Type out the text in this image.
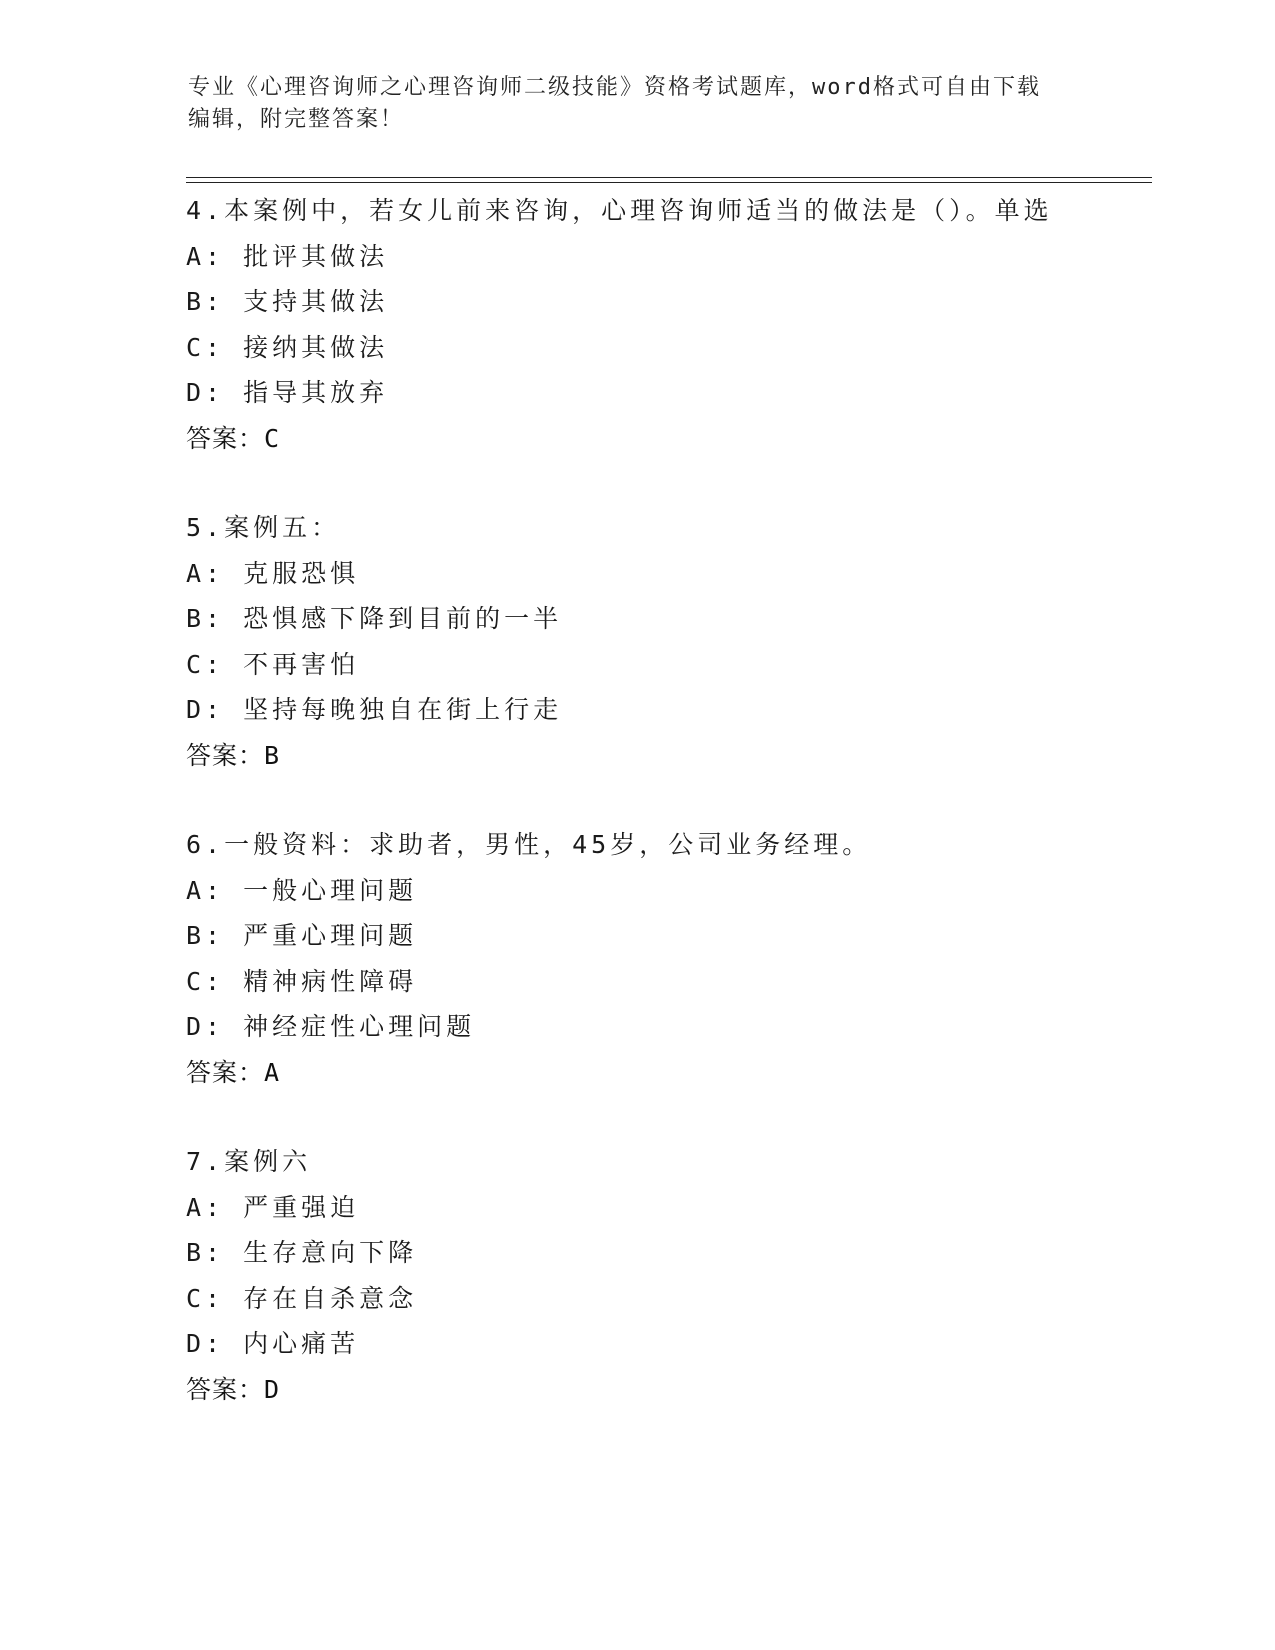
专业《心理咨询师之心理咨询师二级技能》资格考试题库，word格式可自由下载
编辑，附完整答案！
4.本案例中，若女儿前来咨询，心理咨询师适当的做法是（）。单选
A: 批评其做法
B: 支持其做法
C: 接纳其做法
D: 指导其放弃
答案：C
5.案例五：
A: 克服恐惧
B: 恐惧感下降到目前的一半
C: 不再害怕
D: 坚持每晚独自在街上行走
答案：B
6.一般资料：求助者，男性，45岁，公司业务经理。
A: 一般心理问题
B: 严重心理问题
C: 精神病性障碍
D: 神经症性心理问题
答案：A
7.案例六
A: 严重强迫
B: 生存意向下降
C: 存在自杀意念
D: 内心痛苦
答案：D
